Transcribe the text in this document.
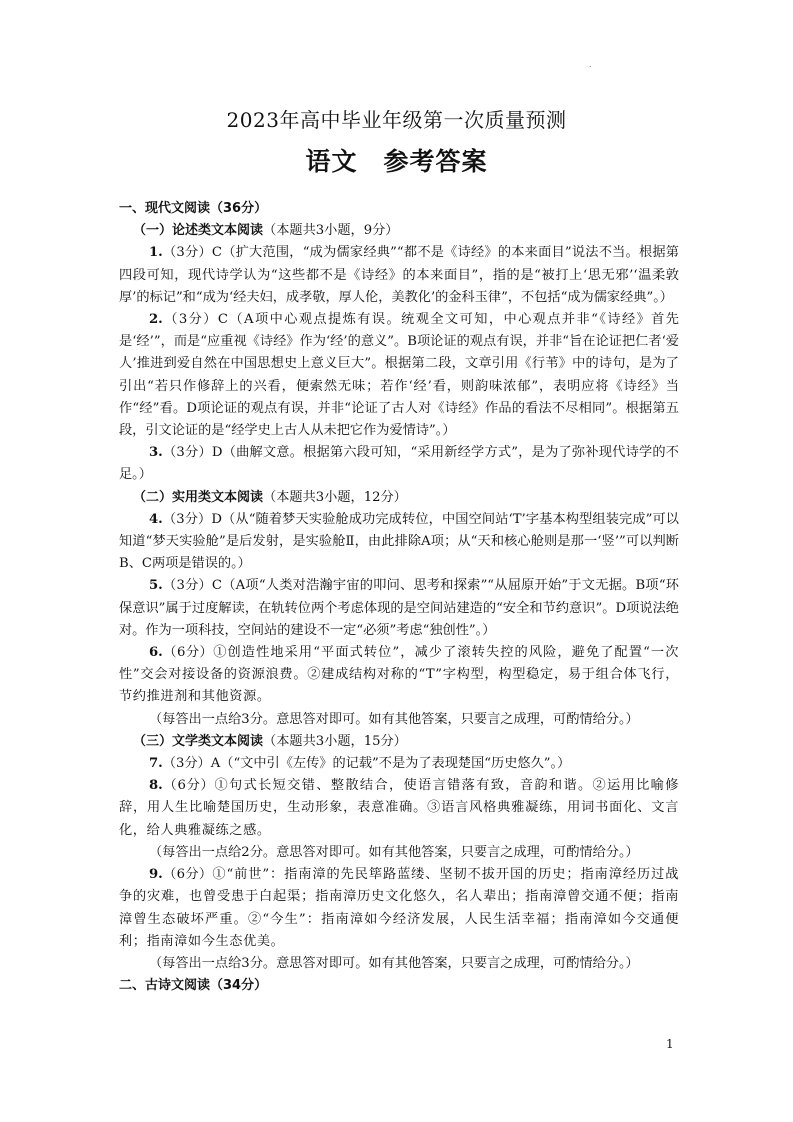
.
2023年高中毕业年级第一次质量预测
语文　参考答案

一、现代文阅读（36分）

（一）论述类文本阅读（本题共3小题，9分）

1.（3分）C（扩大范围，“成为儒家经典”“都不是《诗经》的本来面目”说法不当。根据第四段可知，现代诗学认为“这些都不是《诗经》的本来面目”，指的是“被打上‘思无邪’‘温柔敦厚’的标记”和“成为‘经夫妇，成孝敬，厚人伦，美教化’的金科玉律”，不包括“成为儒家经典”。）

2.（3分）C（A项中心观点提炼有误。统观全文可知，中心观点并非“《诗经》首先是‘经’”，而是“应重视《诗经》作为‘经’的意义”。B项论证的观点有误，并非“旨在论证把仁者‘爱人’推进到爱自然在中国思想史上意义巨大”。根据第二段，文章引用《行苇》中的诗句，是为了引出“若只作修辞上的兴看，便索然无味；若作‘经’看，则韵味浓郁”，表明应将《诗经》当作“经”看。D项论证的观点有误，并非“论证了古人对《诗经》作品的看法不尽相同”。根据第五段，引文论证的是“经学史上古人从未把它作为爱情诗”。）

3.（3分）D（曲解文意。根据第六段可知，“采用新经学方式”，是为了弥补现代诗学的不足。）

（二）实用类文本阅读（本题共3小题，12分）

4.（3分）D（从“随着梦天实验舱成功完成转位，中国空间站‘T’字基本构型组装完成”可以知道“梦天实验舱”是后发射，是实验舱Ⅱ，由此排除A项；从“天和核心舱则是那一‘竖’”可以判断B、C两项是错误的。）

5.（3分）C（A项“人类对浩瀚宇宙的叩问、思考和探索”“从屈原开始”于文无据。B项“环保意识”属于过度解读，在轨转位两个考虑体现的是空间站建造的“安全和节约意识”。D项说法绝对。作为一项科技，空间站的建设不一定“必须”考虑“独创性”。）

6.（6分）①创造性地采用“平面式转位”，减少了滚转失控的风险，避免了配置“一次性”交会对接设备的资源浪费。②建成结构对称的“T”字构型，构型稳定，易于组合体飞行，节约推进剂和其他资源。

（每答出一点给3分。意思答对即可。如有其他答案，只要言之成理，可酌情给分。）

（三）文学类文本阅读（本题共3小题，15分）

7.（3分）A（“文中引《左传》的记载”不是为了表现楚国“历史悠久”。）

8.（6分）①句式长短交错、整散结合，使语言错落有致，音韵和谐。②运用比喻修辞，用人生比喻楚国历史，生动形象，表意准确。③语言风格典雅凝练，用词书面化、文言化，给人典雅凝练之感。

（每答出一点给2分。意思答对即可。如有其他答案，只要言之成理，可酌情给分。）

9.（6分）①“前世”：指南漳的先民筚路蓝缕、坚韧不拔开国的历史；指南漳经历过战争的灾难，也曾受患于白起渠；指南漳历史文化悠久，名人辈出；指南漳曾交通不便；指南漳曾生态破坏严重。②“今生”：指南漳如今经济发展，人民生活幸福；指南漳如今交通便利；指南漳如今生态优美。

（每答出一点给3分。意思答对即可。如有其他答案，只要言之成理，可酌情给分。）

二、古诗文阅读（34分）

1
